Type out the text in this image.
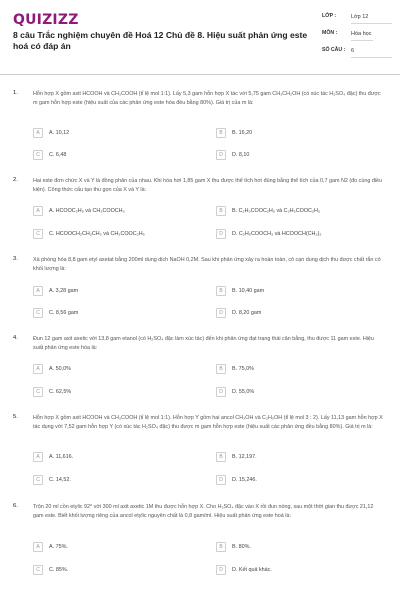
QUIZIZZ
8 câu Trắc nghiệm chuyên đề Hoá 12 Chủ đề 8. Hiệu suất phản ứng este hoá có đáp án
LỚP :	Lớp 12
MÔN :	Hóa học
SỐ CÂU :	6
1.	Hỗn hợp X gồm axit HCOOH và CH₃COOH (tỉ lệ mol 1:1). Lấy 5,3 gam hỗn hợp X tác với 5,75 gam CH₃CH₂OH (có xúc tác H₂SO₄ đặc) thu được m gam hỗn hợp este (hiệu suất của các phản ứng este hóa đều bằng 80%). Giá trị của m là:
A	A. 10,12	B	B. 16,20
C	C. 6,48	D	D. 8,10
2.	Hai este đơn chức X và Y là đồng phân của nhau. Khi hóa hơi 1,85 gam X thu được thể tích hơi đúng bằng thể tích của 0,7 gam N2 (đo cùng điều kiện). Công thức cấu tạo thu gọn của X và Y là:
A	A. HCOOC₂H₅ và CH₃COOCH₃	B	B. C₂H₃COOC₂H₅ và C₂H₅COOC₂H₃
C	C. HCOOCH₂CH₂CH₃ và CH₃COOC₂H₅	D	D. C₂H₅COOCH₃ và HCOOCH(CH₃)₂
3.	Xà phòng hóa 8,8 gam etyl axetat bằng 200ml dung dịch NaOH 0,2M. Sau khi phản ứng xảy ra hoàn toàn, cô cạn dung dịch thu được chất rắn có khối lượng là:
A	A. 3,28 gam	B	B. 10,40 gam
C	C. 8,56 gam	D	D. 8,20 gam
4.	Đun 12 gam axit axetic với 13,8 gam etanol (có H₂SO₄ đặc làm xúc tác) đến khi phản ứng đạt trạng thái cân bằng, thu được 11 gam este. Hiệu suất phản ứng este hóa là:
A	A. 50,0%	B	B. 75,0%
C	C. 62,5%	D	D. 55,0%
5.	Hỗn hợp X gồm axit HCOOH và CH₃COOH (tỉ lệ mol 1:1). Hỗn hợp Y gồm hai ancol CH₃OH và C₂H₅OH (tỉ lệ mol 3 : 2). Lấy 11,13 gam hỗn hợp X tác dụng với 7,52 gam hỗn hợp Y (có xúc tác H₂SO₄ đặc) thu được m gam hỗn hợp este (hiệu suất các phản ứng đều bằng 80%). Giá trị m là:
A	A. 11,616.	B	B. 12,197.
C	C. 14,52.	D	D. 15,246.
6.	Trộn 20 ml cồn etylic 92⁰ với 300 ml axit axetic 1M thu được hỗn hợp X. Cho H₂SO₄ đặc vào X rồi đun nóng, sau một thời gian thu được 21,12 gam este. Biết khối lượng riêng của ancol etylic nguyên chất là 0,8 gam/ml. Hiệu suất phản ứng este hoá là:
A	A. 75%.	B	B. 80%.
C	C. 85%.	D	D. Kết quả khác.
